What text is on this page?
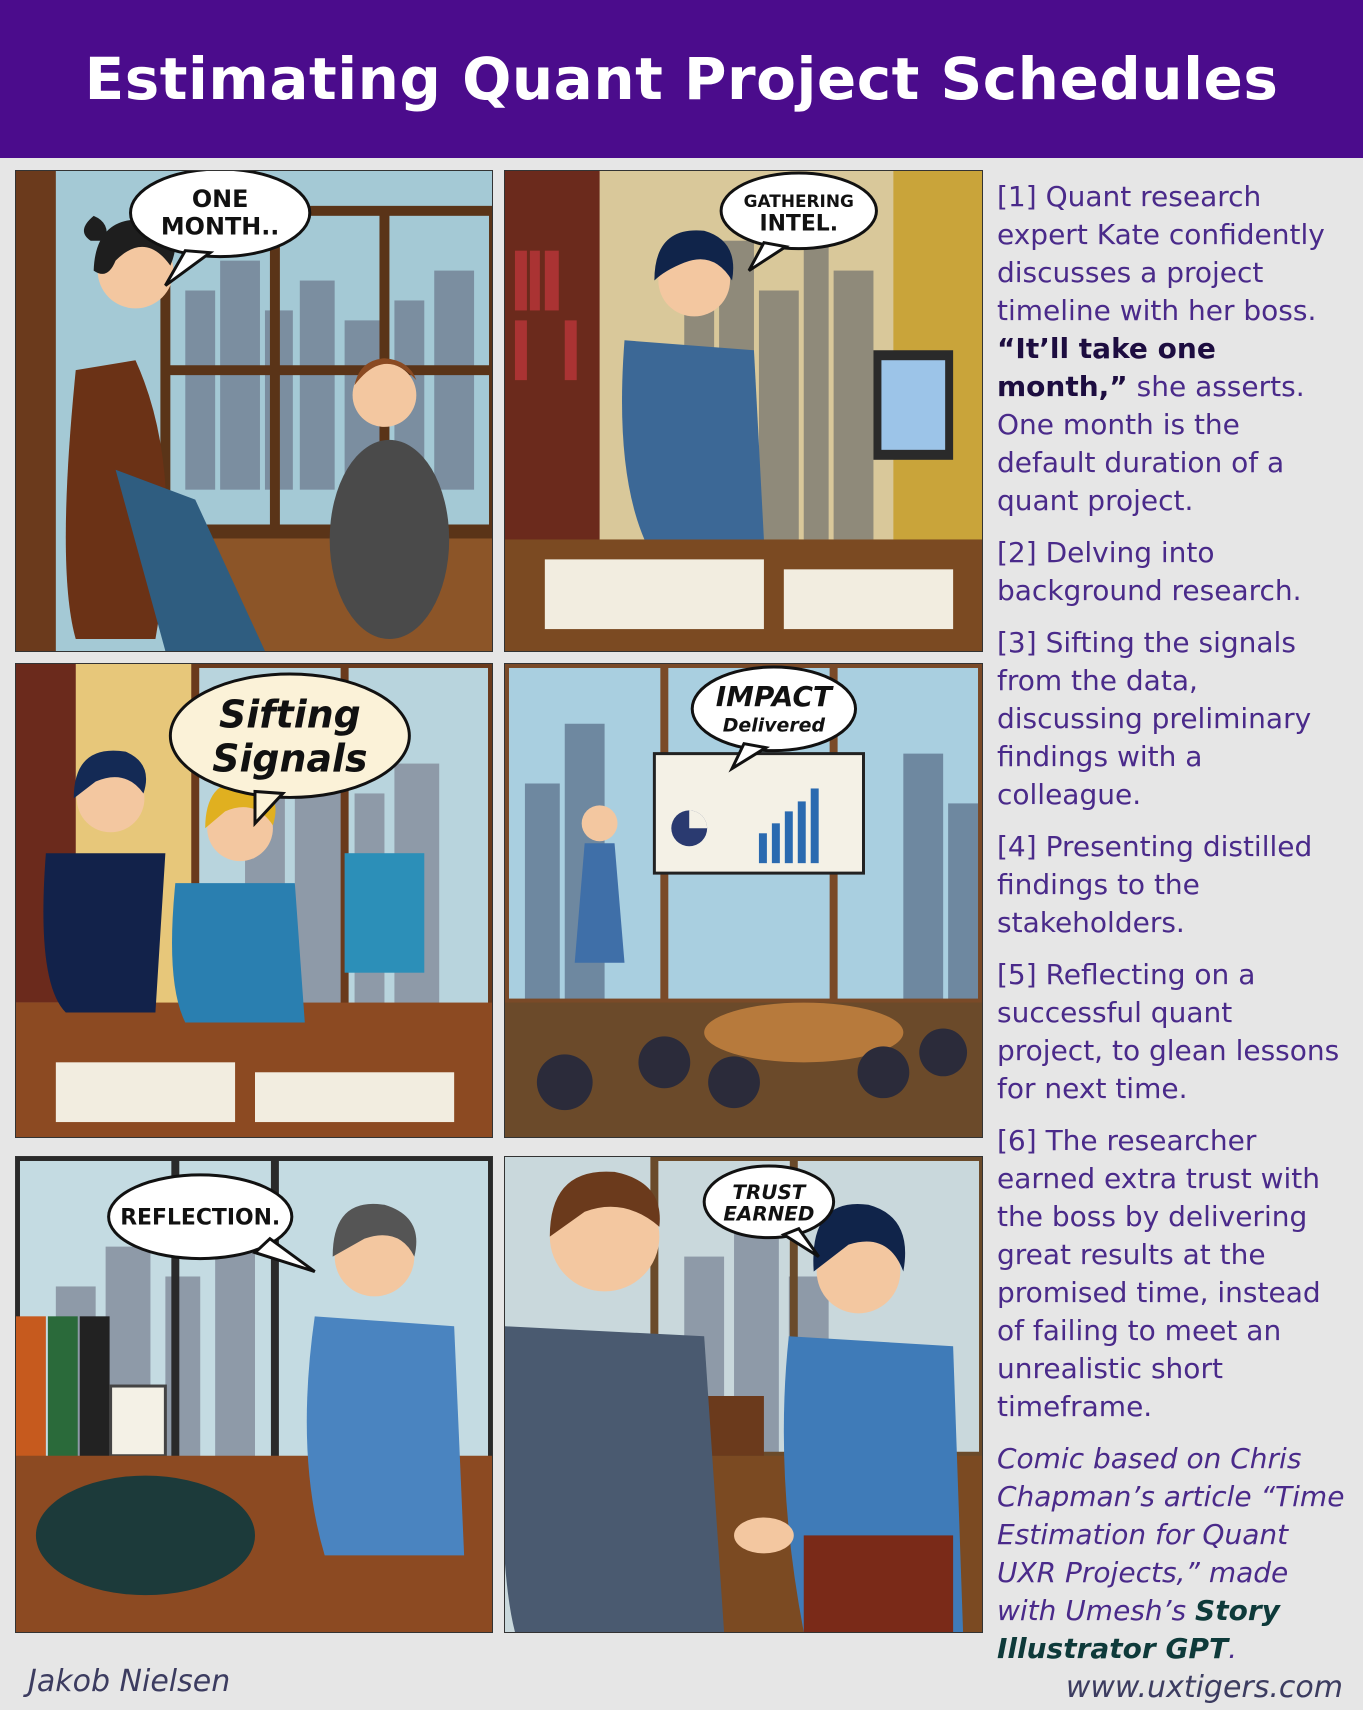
Estimating Quant Project Schedules
ONE
MONTH..
GATHERING
INTEL.
Sifting
Signals
IMPACT
Delivered
REFLECTION.
TRUST
EARNED

[1] Quant research expert Kate confidently discusses a project timeline with her boss. “It’ll take one month,” she asserts. One month is the default duration of a quant project.

[2] Delving into background research.

[3] Sifting the signals from the data, discussing preliminary findings with a colleague.

[4] Presenting distilled findings to the stakeholders.

[5] Reflecting on a successful quant project, to glean lessons for next time.

[6] The researcher earned extra trust with the boss by delivering great results at the promised time, instead of failing to meet an unrealistic short timeframe.

Comic based on Chris Chapman’s article “Time Estimation for Quant UXR Projects,” made with Umesh’s Story Illustrator GPT.

Jakob Nielsen	www.uxtigers.com
